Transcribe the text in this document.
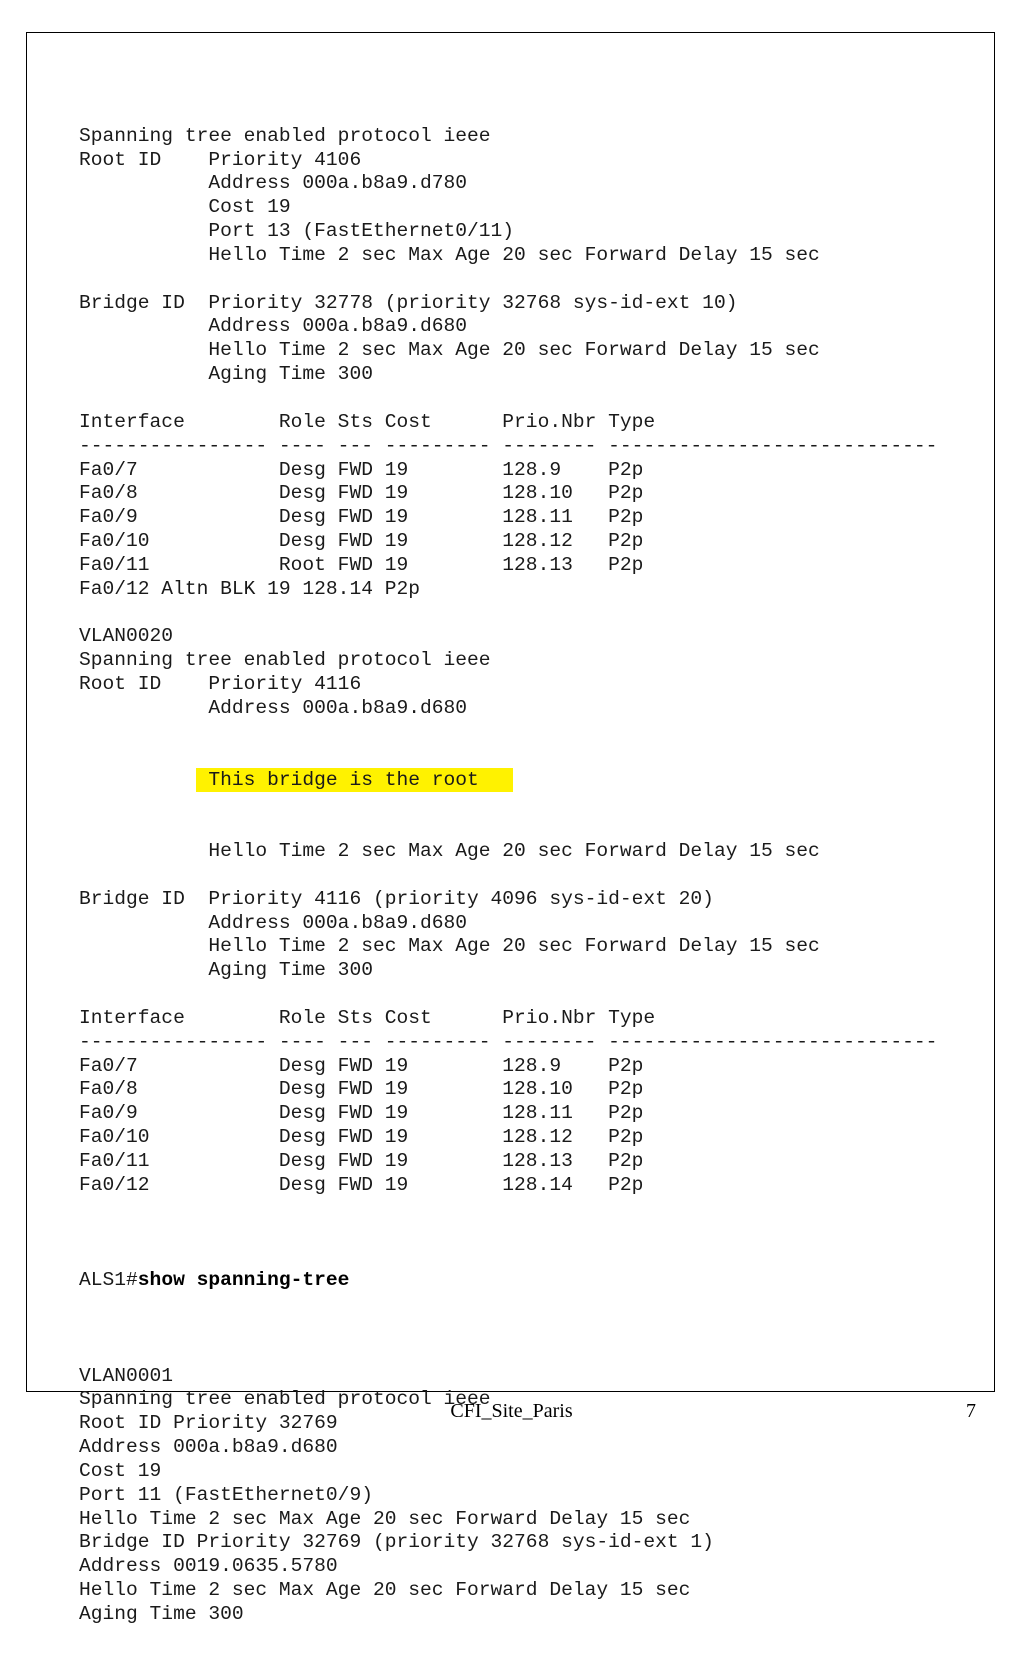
Spanning tree enabled protocol ieee
Root ID    Priority 4106
Address 000a.b8a9.d780
Cost 19
Port 13 (FastEthernet0/11)
Hello Time 2 sec Max Age 20 sec Forward Delay 15 sec
Bridge ID  Priority 32778 (priority 32768 sys-id-ext 10)
Address 000a.b8a9.d680
Hello Time 2 sec Max Age 20 sec Forward Delay 15 sec
Aging Time 300
Interface        Role Sts Cost      Prio.Nbr Type
---------------- ---- --- --------- -------- ----------------------------
Fa0/7            Desg FWD 19        128.9    P2p
Fa0/8            Desg FWD 19        128.10   P2p
Fa0/9            Desg FWD 19        128.11   P2p
Fa0/10           Desg FWD 19        128.12   P2p
Fa0/11           Root FWD 19        128.13   P2p
Fa0/12 Altn BLK 19 128.14 P2p
VLAN0020
Spanning tree enabled protocol ieee
Root ID    Priority 4116
Address 000a.b8a9.d680

This bridge is the root

Hello Time 2 sec Max Age 20 sec Forward Delay 15 sec
Bridge ID  Priority 4116 (priority 4096 sys-id-ext 20)
Address 000a.b8a9.d680
Hello Time 2 sec Max Age 20 sec Forward Delay 15 sec
Aging Time 300
Interface        Role Sts Cost      Prio.Nbr Type
---------------- ---- --- --------- -------- ----------------------------
Fa0/7            Desg FWD 19        128.9    P2p
Fa0/8            Desg FWD 19        128.10   P2p
Fa0/9            Desg FWD 19        128.11   P2p
Fa0/10           Desg FWD 19        128.12   P2p
Fa0/11           Desg FWD 19        128.13   P2p
Fa0/12           Desg FWD 19        128.14   P2p

ALS1#show spanning-tree

VLAN0001
Spanning tree enabled protocol ieee
Root ID Priority 32769
Address 000a.b8a9.d680
Cost 19
Port 11 (FastEthernet0/9)
Hello Time 2 sec Max Age 20 sec Forward Delay 15 sec
Bridge ID Priority 32769 (priority 32768 sys-id-ext 1)
Address 0019.0635.5780
Hello Time 2 sec Max Age 20 sec Forward Delay 15 sec
Aging Time 300

CFI_Site_Paris	7
